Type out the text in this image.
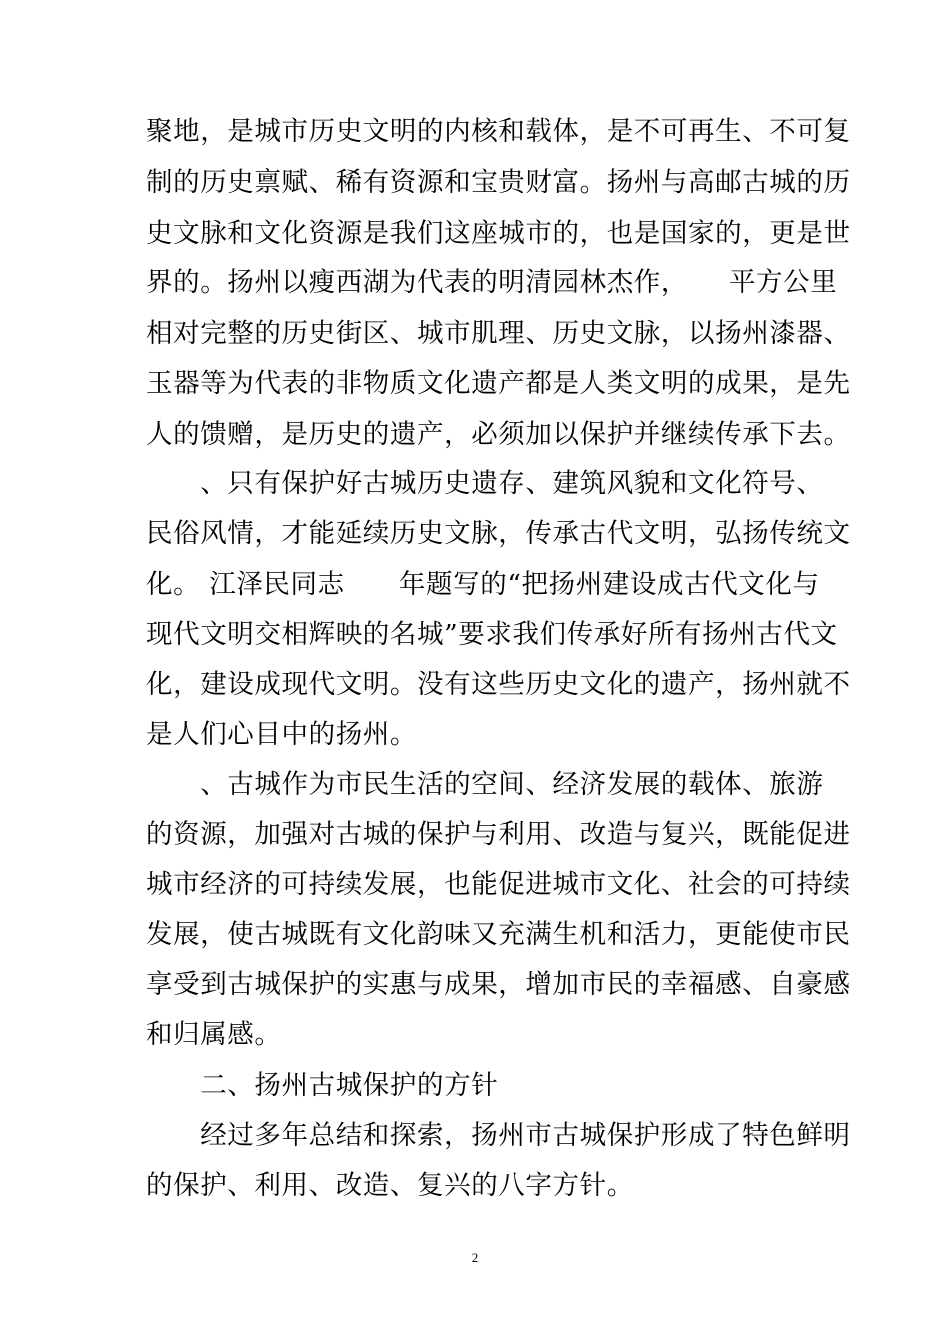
聚地，是城市历史文明的内核和载体，是不可再生、不可复
制的历史禀赋、稀有资源和宝贵财富。扬州与高邮古城的历
史文脉和文化资源是我们这座城市的，也是国家的，更是世
界的。扬州以瘦西湖为代表的明清园林杰作，　　平方公里
相对完整的历史街区、城市肌理、历史文脉，以扬州漆器、
玉器等为代表的非物质文化遗产都是人类文明的成果，是先
人的馈赠，是历史的遗产，必须加以保护并继续传承下去。
　　、只有保护好古城历史遗存、建筑风貌和文化符号、
民俗风情，才能延续历史文脉，传承古代文明，弘扬传统文
化。 江泽民同志　　年题写的“把扬州建设成古代文化与
现代文明交相辉映的名城”要求我们传承好所有扬州古代文
化，建设成现代文明。没有这些历史文化的遗产，扬州就不
是人们心目中的扬州。
　　、古城作为市民生活的空间、经济发展的载体、旅游
的资源，加强对古城的保护与利用、改造与复兴，既能促进
城市经济的可持续发展，也能促进城市文化、社会的可持续
发展，使古城既有文化韵味又充满生机和活力，更能使市民
享受到古城保护的实惠与成果，增加市民的幸福感、自豪感
和归属感。
　　二、扬州古城保护的方针
　　经过多年总结和探索，扬州市古城保护形成了特色鲜明
的保护、利用、改造、复兴的八字方针。
2
